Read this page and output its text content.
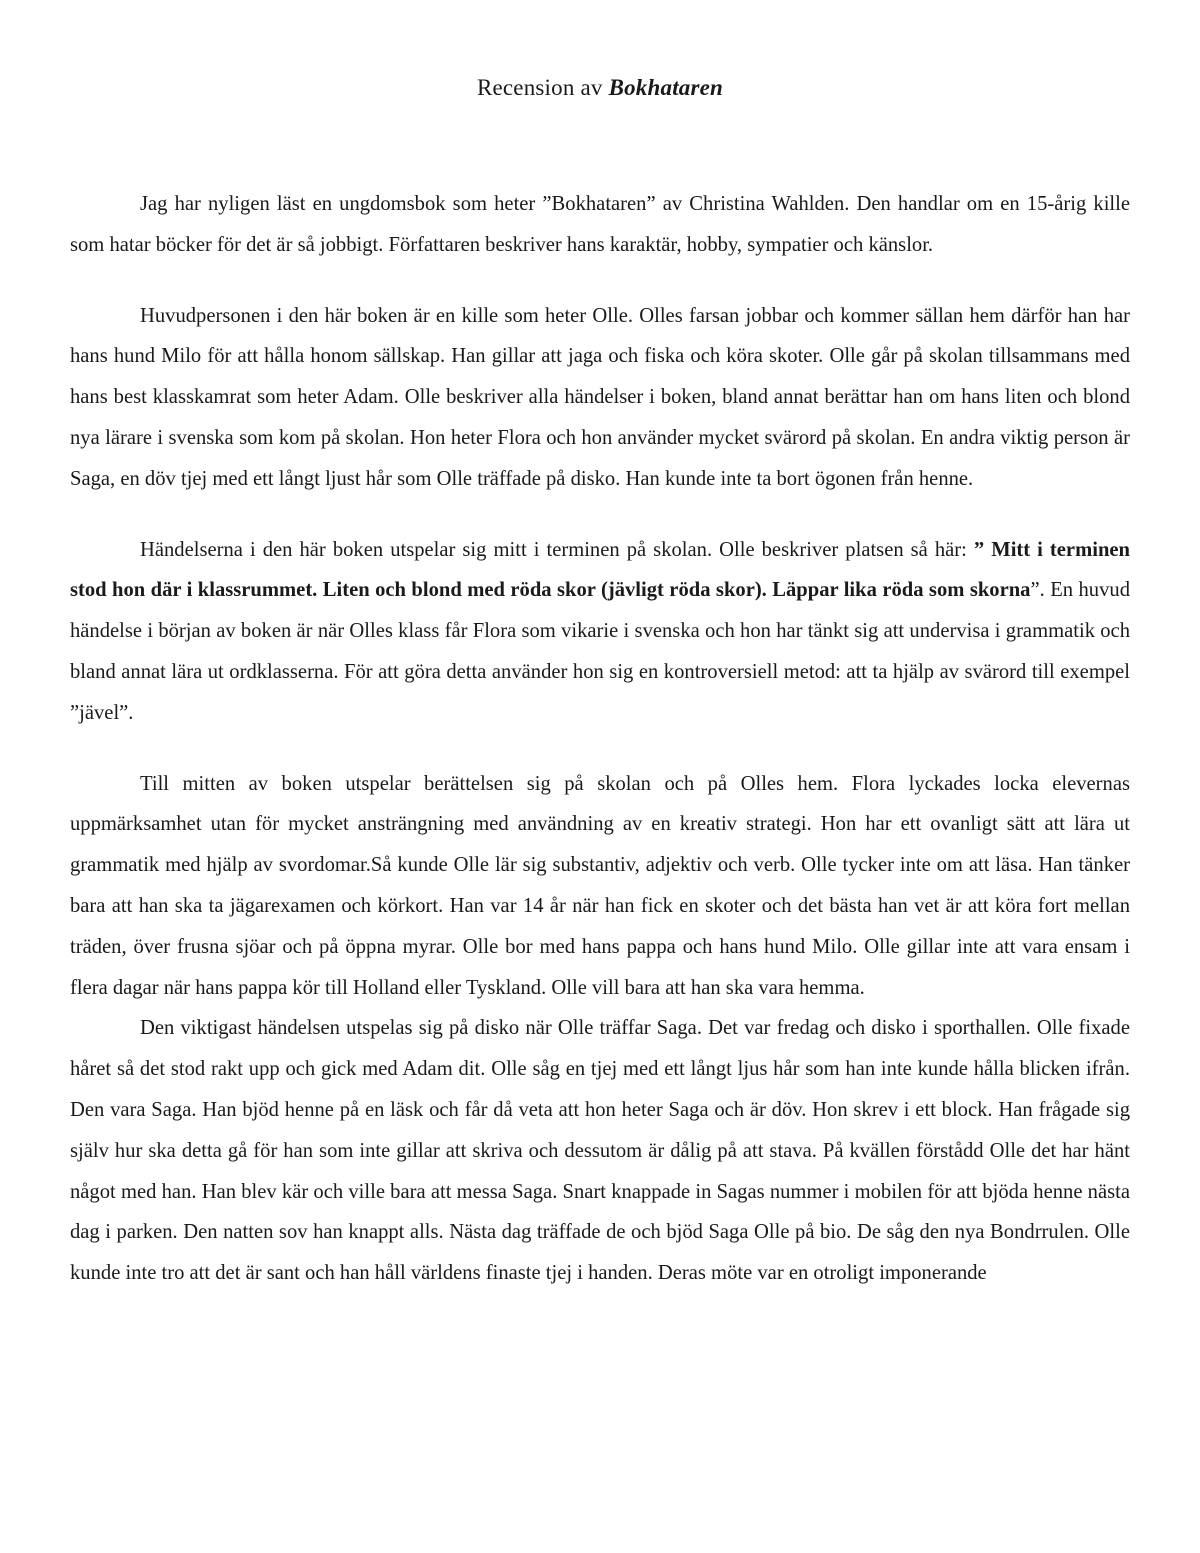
Recension av Bokhataren

Jag har nyligen läst en ungdomsbok som heter ”Bokhataren” av Christina Wahlden. Den handlar om en 15-årig kille som hatar böcker för det är så jobbigt. Författaren beskriver hans karaktär, hobby, sympatier och känslor.

Huvudpersonen i den här boken är en kille som heter Olle. Olles farsan jobbar och kommer sällan hem därför han har hans hund Milo för att hålla honom sällskap. Han gillar att jaga och fiska och köra skoter. Olle går på skolan tillsammans med hans best klasskamrat som heter Adam. Olle beskriver alla händelser i boken, bland annat berättar han om hans liten och blond nya lärare i svenska som kom på skolan. Hon heter Flora och hon använder mycket svärord på skolan. En andra viktig person är Saga, en döv tjej med ett långt ljust hår som Olle träffade på disko. Han kunde inte ta bort ögonen från henne.

Händelserna i den här boken utspelar sig mitt i terminen på skolan. Olle beskriver platsen så här: ” Mitt i terminen stod hon där i klassrummet. Liten och blond med röda skor (jävligt röda skor). Läppar lika röda som skorna”. En huvud händelse i början av boken är när Olles klass får Flora som vikarie i svenska och hon har tänkt sig att undervisa i grammatik och bland annat lära ut ordklasserna. För att göra detta använder hon sig en kontroversiell metod: att ta hjälp av svärord till exempel ”jävel”.

Till mitten av boken utspelar berättelsen sig på skolan och på Olles hem. Flora lyckades locka elevernas uppmärksamhet utan för mycket ansträngning med användning av en kreativ strategi. Hon har ett ovanligt sätt att lära ut grammatik med hjälp av svordomar.Så kunde Olle lär sig substantiv, adjektiv och verb. Olle tycker inte om att läsa. Han tänker bara att han ska ta jägarexamen och körkort. Han var 14 år när han fick en skoter och det bästa han vet är att köra fort mellan träden, över frusna sjöar och på öppna myrar. Olle bor med hans pappa och hans hund Milo. Olle gillar inte att vara ensam i flera dagar när hans pappa kör till Holland eller Tyskland. Olle vill bara att han ska vara hemma.

Den viktigast händelsen utspelas sig på disko när Olle träffar Saga. Det var fredag och disko i sporthallen. Olle fixade håret så det stod rakt upp och gick med Adam dit. Olle såg en tjej med ett långt ljus hår som han inte kunde hålla blicken ifrån. Den vara Saga. Han bjöd henne på en läsk och får då veta att hon heter Saga och är döv. Hon skrev i ett block. Han frågade sig själv hur ska detta gå för han som inte gillar att skriva och dessutom är dålig på att stava. På kvällen förstådd Olle det har hänt något med han. Han blev kär och ville bara att messa Saga. Snart knappade in Sagas nummer i mobilen för att bjöda henne nästa dag i parken. Den natten sov han knappt alls. Nästa dag träffade de och bjöd Saga Olle på bio. De såg den nya Bondrrulen. Olle kunde inte tro att det är sant och han håll världens finaste tjej i handen. Deras möte var en otroligt imponerande
